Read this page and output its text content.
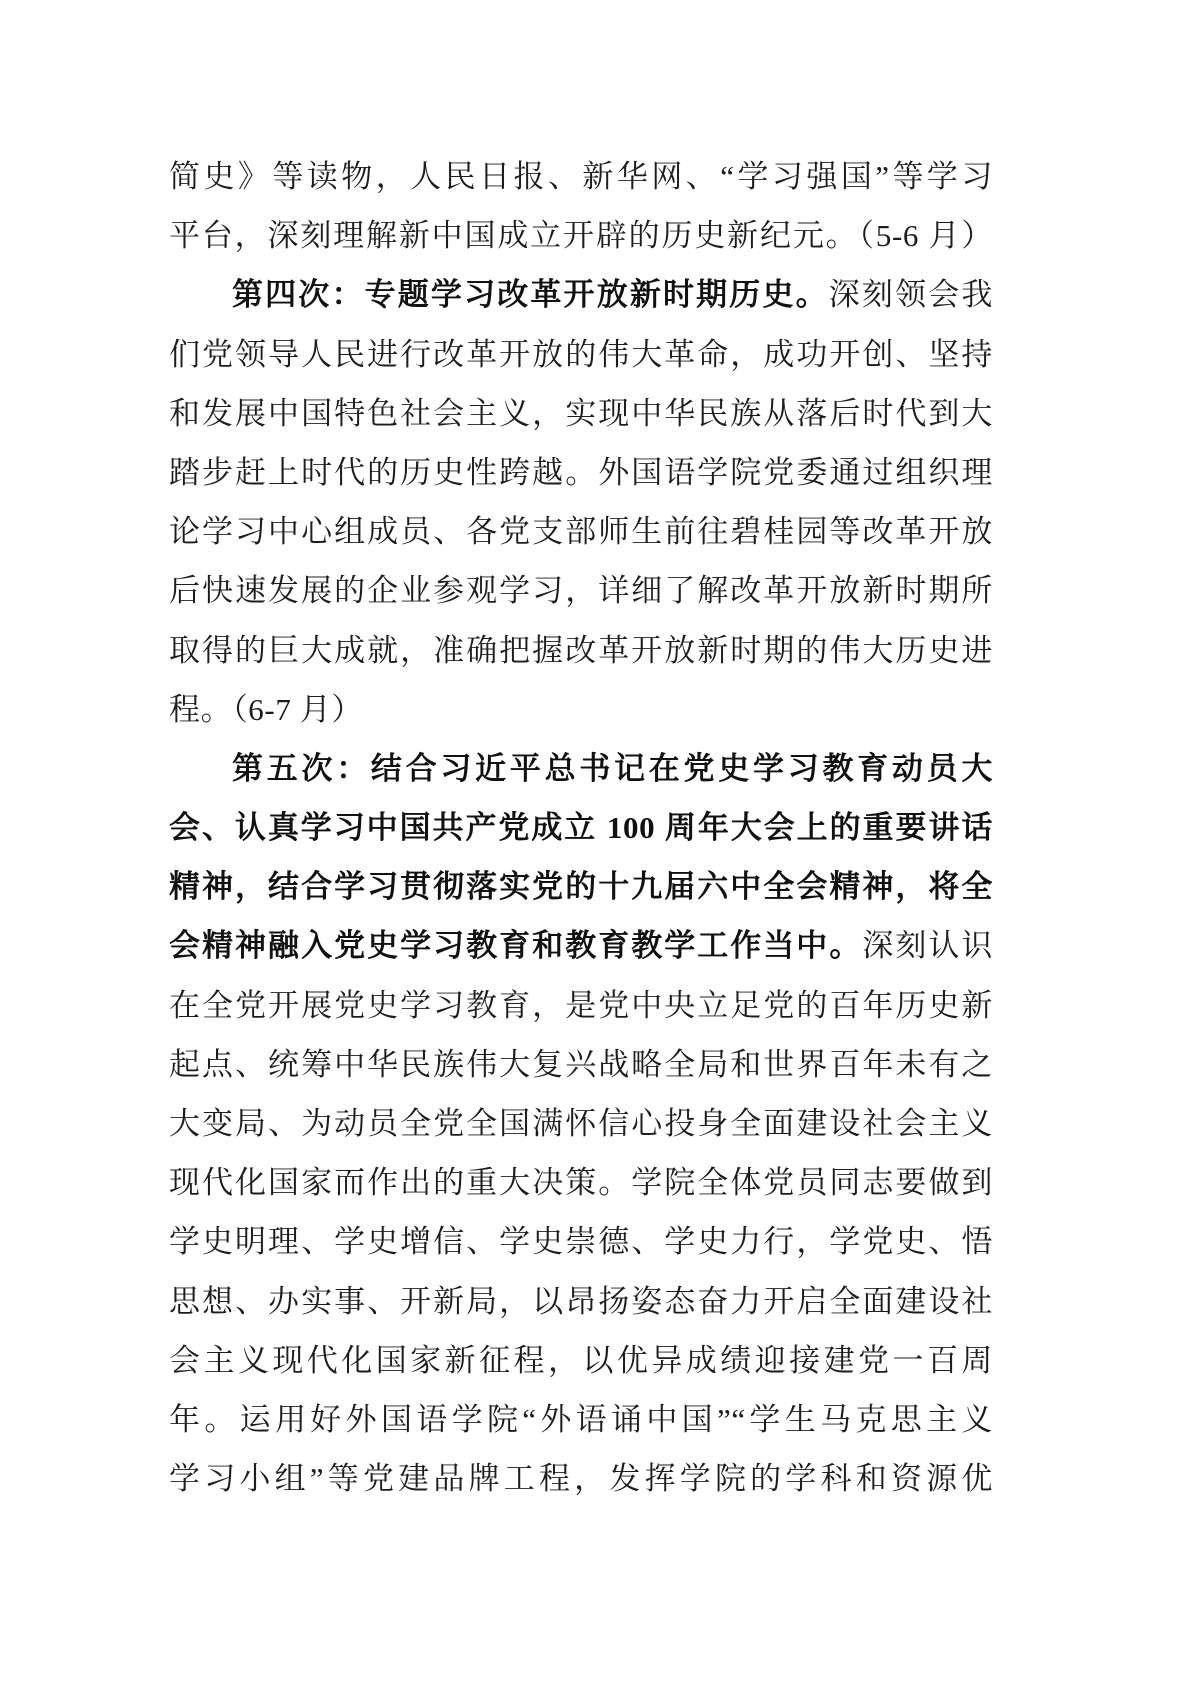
简史》等读物，人民日报、新华网、“学习强国”等学习
平台，深刻理解新中国成立开辟的历史新纪元。（5-6 月）
第四次：专题学习改革开放新时期历史。深刻领会我
们党领导人民进行改革开放的伟大革命，成功开创、坚持
和发展中国特色社会主义，实现中华民族从落后时代到大
踏步赶上时代的历史性跨越。外国语学院党委通过组织理
论学习中心组成员、各党支部师生前往碧桂园等改革开放
后快速发展的企业参观学习，详细了解改革开放新时期所
取得的巨大成就，准确把握改革开放新时期的伟大历史进
程。（6-7 月）
第五次：结合习近平总书记在党史学习教育动员大
会、认真学习中国共产党成立 100 周年大会上的重要讲话
精神，结合学习贯彻落实党的十九届六中全会精神，将全
会精神融入党史学习教育和教育教学工作当中。深刻认识
在全党开展党史学习教育，是党中央立足党的百年历史新
起点、统筹中华民族伟大复兴战略全局和世界百年未有之
大变局、为动员全党全国满怀信心投身全面建设社会主义
现代化国家而作出的重大决策。学院全体党员同志要做到
学史明理、学史增信、学史崇德、学史力行，学党史、悟
思想、办实事、开新局，以昂扬姿态奋力开启全面建设社
会主义现代化国家新征程，以优异成绩迎接建党一百周
年。运用好外国语学院“外语诵中国”“学生马克思主义
学习小组”等党建品牌工程，发挥学院的学科和资源优
